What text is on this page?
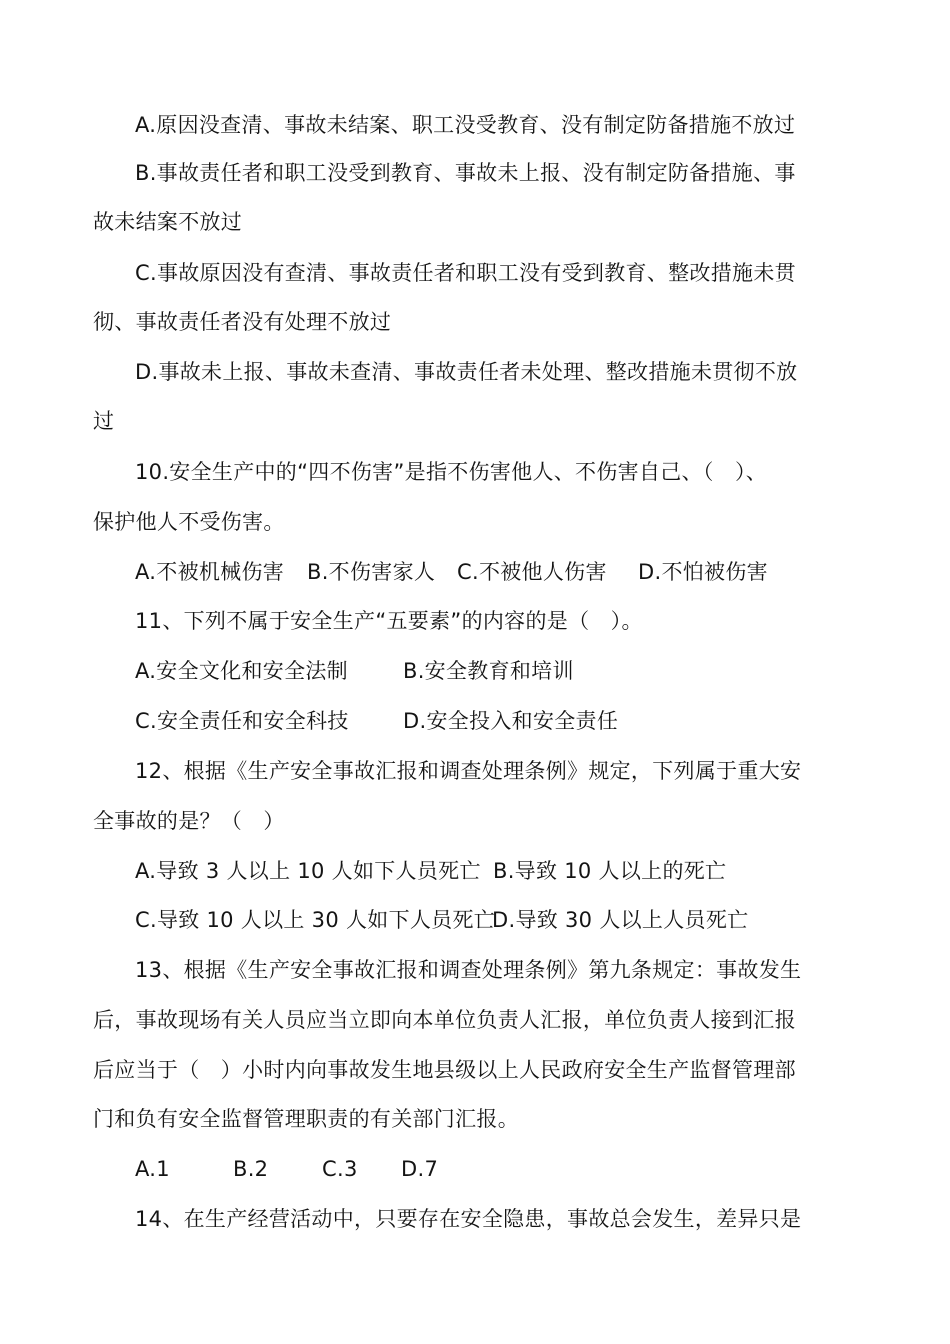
A.原因没查清、事故未结案、职工没受教育、没有制定防备措施不放过
B.事故责任者和职工没受到教育、事故未上报、没有制定防备措施、事
故未结案不放过
C.事故原因没有查清、事故责任者和职工没有受到教育、整改措施未贯
彻、事故责任者没有处理不放过
D.事故未上报、事故未查清、事故责任者未处理、整改措施未贯彻不放
过
10.安全生产中的“四不伤害”是指不伤害他人、不伤害自己、（　）、
保护他人不受伤害。
A.不被机械伤害 B.不伤害家人 C.不被他人伤害 D.不怕被伤害
11、下列不属于安全生产“五要素”的内容的是（　）。
A.安全文化和安全法制	B.安全教育和培训
C.安全责任和安全科技	D.安全投入和安全责任
12、根据《生产安全事故汇报和调查处理条例》规定，下列属于重大安
全事故的是？（　）
A.导致 3 人以上 10 人如下人员死亡 B.导致 10 人以上的死亡
C.导致 10 人以上 30 人如下人员死亡D.导致 30 人以上人员死亡
13、根据《生产安全事故汇报和调查处理条例》第九条规定：事故发生
后，事故现场有关人员应当立即向本单位负责人汇报，单位负责人接到汇报
后应当于（　）小时内向事故发生地县级以上人民政府安全生产监督管理部
门和负有安全监督管理职责的有关部门汇报。
A.1	B.2	C.3 D.7
14、在生产经营活动中，只要存在安全隐患，事故总会发生，差异只是
